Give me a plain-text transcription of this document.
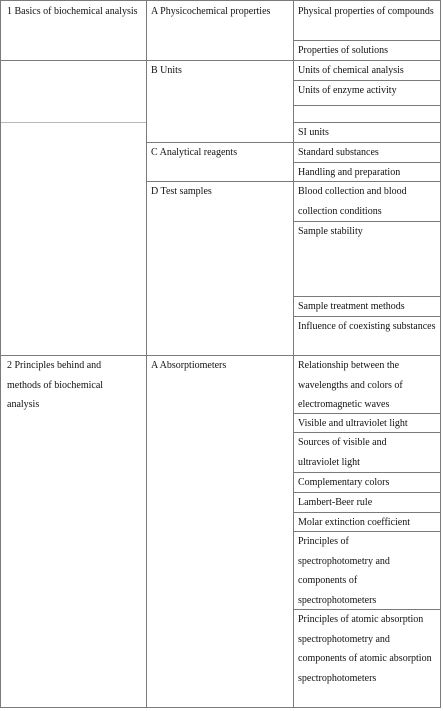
1 Basics of biochemical analysis
2 Principles behind and methods of biochemical analysis
A Physicochemical properties
B Units
C Analytical reagents
D Test samples
A Absorptiometers
Physical properties of compounds
Properties of solutions
Units of chemical analysis
Units of enzyme activity
SI units
Standard substances
Handling and preparation
Blood collection and blood collection conditions
Sample stability
Sample treatment methods
Influence of coexisting substances
Relationship between the wavelengths and colors of electromagnetic waves
Visible and ultraviolet light
Sources of visible and ultraviolet light
Complementary colors
Lambert-Beer rule
Molar extinction coefficient
Principles of spectrophotometry and components of spectrophotometers
Principles of atomic absorption spectrophotometry and components of atomic absorption spectrophotometers
